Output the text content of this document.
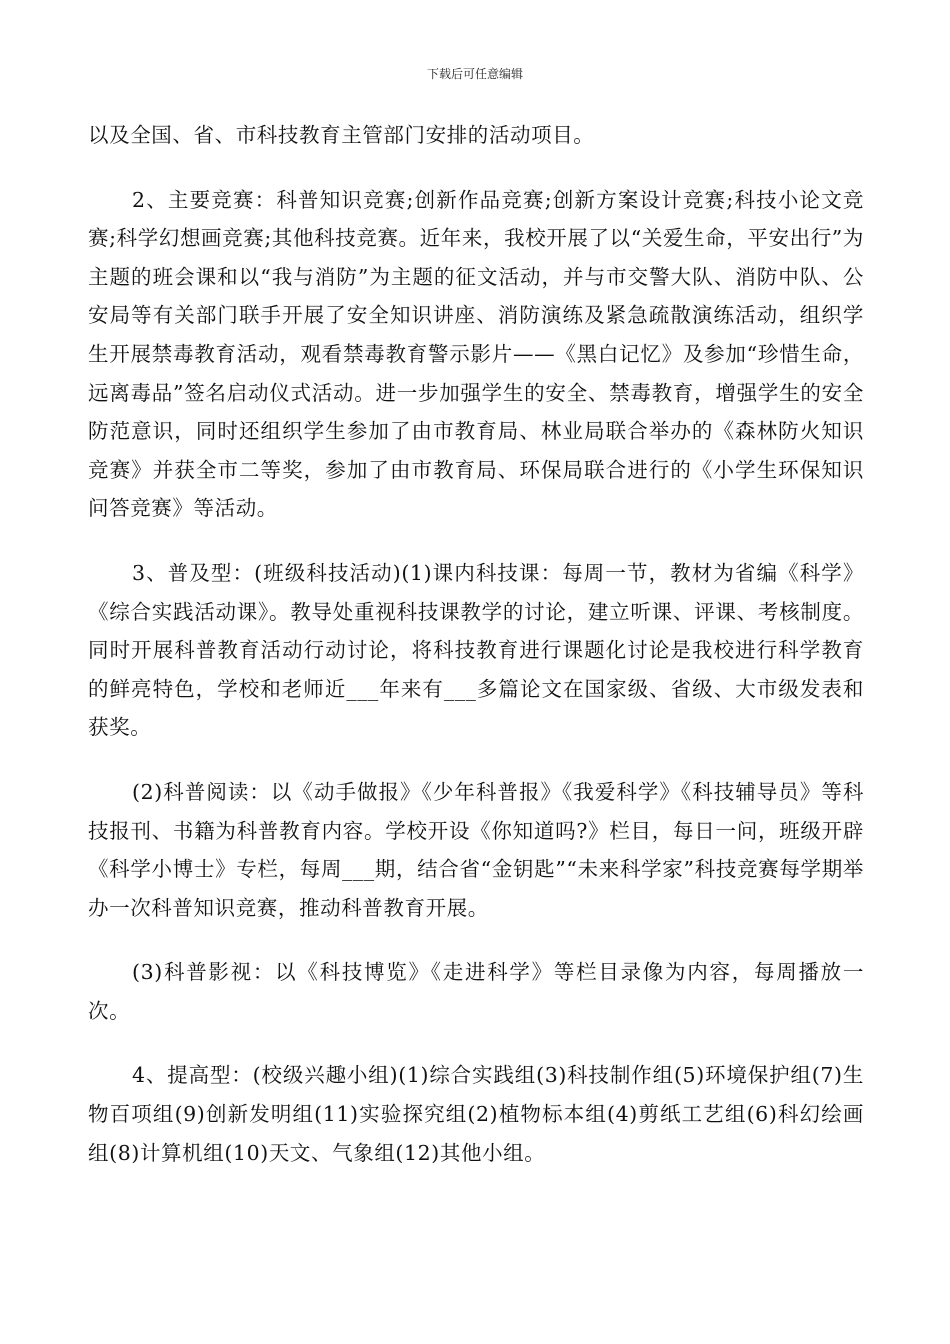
下载后可任意编辑

以及全国、省、市科技教育主管部门安排的活动项目。

2、主要竞赛：科普知识竞赛;创新作品竞赛;创新方案设计竞赛;科技小论文竞赛;科学幻想画竞赛;其他科技竞赛。近年来，我校开展了以“关爱生命，平安出行”为主题的班会课和以“我与消防”为主题的征文活动，并与市交警大队、消防中队、公安局等有关部门联手开展了安全知识讲座、消防演练及紧急疏散演练活动，组织学生开展禁毒教育活动，观看禁毒教育警示影片——《黑白记忆》及参加“珍惜生命，远离毒品”签名启动仪式活动。进一步加强学生的安全、禁毒教育，增强学生的安全防范意识，同时还组织学生参加了由市教育局、林业局联合举办的《森林防火知识竞赛》并获全市二等奖，参加了由市教育局、环保局联合进行的《小学生环保知识问答竞赛》等活动。

3、普及型：(班级科技活动)(1)课内科技课：每周一节，教材为省编《科学》《综合实践活动课》。教导处重视科技课教学的讨论，建立听课、评课、考核制度。同时开展科普教育活动行动讨论，将科技教育进行课题化讨论是我校进行科学教育的鲜亮特色，学校和老师近___年来有___多篇论文在国家级、省级、大市级发表和获奖。

(2)科普阅读：以《动手做报》《少年科普报》《我爱科学》《科技辅导员》等科技报刊、书籍为科普教育内容。学校开设《你知道吗?》栏目，每日一问，班级开辟《科学小博士》专栏，每周___期，结合省“金钥匙”“未来科学家”科技竞赛每学期举办一次科普知识竞赛，推动科普教育开展。

(3)科普影视：以《科技博览》《走进科学》等栏目录像为内容，每周播放一次。

4、提高型：(校级兴趣小组)(1)综合实践组(3)科技制作组(5)环境保护组(7)生物百项组(9)创新发明组(11)实验探究组(2)植物标本组(4)剪纸工艺组(6)科幻绘画组(8)计算机组(10)天文、气象组(12)其他小组。
